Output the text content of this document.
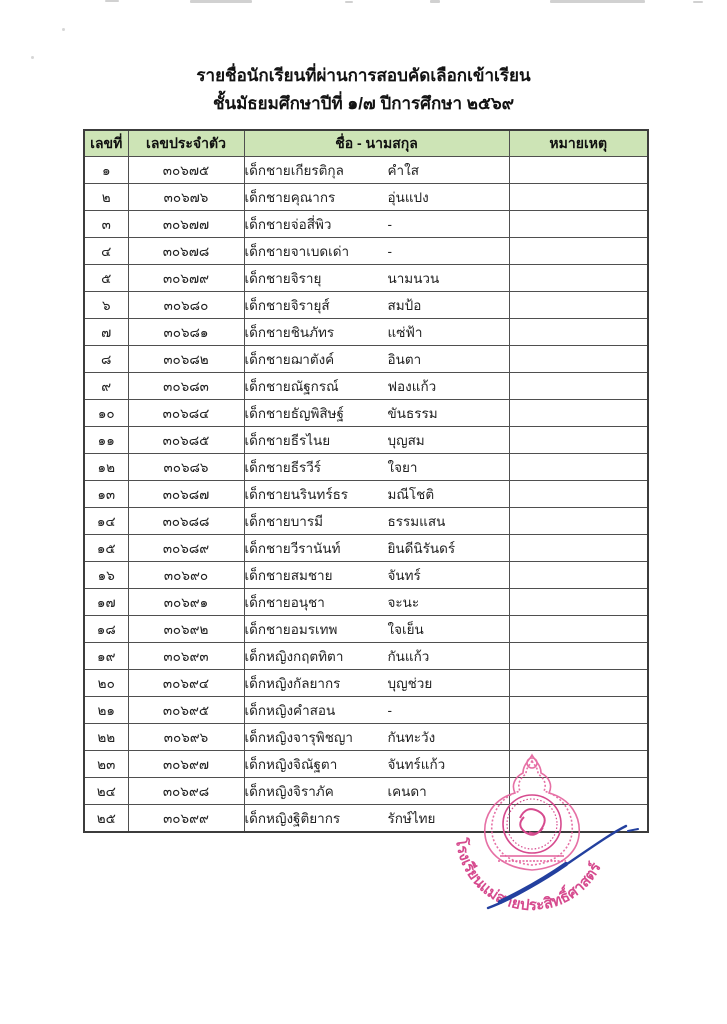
รายชื่อนักเรียนที่ผ่านการสอบคัดเลือกเข้าเรียน
ชั้นมัธยมศึกษาปีที่ ๑/๗ ปีการศึกษา ๒๕๖๙
เลขที่	เลขประจำตัว	ชื่อ - นามสกุล	หมายเหตุ
๑	๓๐๖๗๕	เด็กชายเกียรติกุล คำใส	
๒	๓๐๖๗๖	เด็กชายคุณากร อุ่นแปง	
๓	๓๐๖๗๗	เด็กชายจ่อสี่พิว -	
๔	๓๐๖๗๘	เด็กชายจาเบดเด่า -	
๕	๓๐๖๗๙	เด็กชายจิรายุ นามนวน	
๖	๓๐๖๘๐	เด็กชายจิรายุส์ สมป้อ	
๗	๓๐๖๘๑	เด็กชายชินภัทร แซ่ฟ้า	
๘	๓๐๖๘๒	เด็กชายฌาตังค์ อินตา	
๙	๓๐๖๘๓	เด็กชายณัฐกรณ์ ฟองแก้ว	
๑๐	๓๐๖๘๔	เด็กชายธัญพิสิษฐ์ ขันธรรม	
๑๑	๓๐๖๘๕	เด็กชายธีรไนย บุญสม	
๑๒	๓๐๖๘๖	เด็กชายธีรวีร์ ใจยา	
๑๓	๓๐๖๘๗	เด็กชายนรินทร์ธร มณีโชติ	
๑๔	๓๐๖๘๘	เด็กชายบารมี ธรรมแสน	
๑๕	๓๐๖๘๙	เด็กชายวีรานันท์ ยินดีนิรันดร์	
๑๖	๓๐๖๙๐	เด็กชายสมชาย จันทร์	
๑๗	๓๐๖๙๑	เด็กชายอนุชา จะนะ	
๑๘	๓๐๖๙๒	เด็กชายอมรเทพ ใจเย็น	
๑๙	๓๐๖๙๓	เด็กหญิงกฤตทิตา กันแก้ว	
๒๐	๓๐๖๙๔	เด็กหญิงกัลยากร บุญช่วย	
๒๑	๓๐๖๙๕	เด็กหญิงคำสอน -	
๒๒	๓๐๖๙๖	เด็กหญิงจารุพิชญา กันทะวัง	
๒๓	๓๐๖๙๗	เด็กหญิงจิณัฐตา จันทร์แก้ว	
๒๔	๓๐๖๙๘	เด็กหญิงจิราภัค เคนดา	
๒๕	๓๐๖๙๙	เด็กหญิงฐิติยากร รักษ์ไทย	
โรงเรียนแม่สายประสิทธิ์ศาสตร์
